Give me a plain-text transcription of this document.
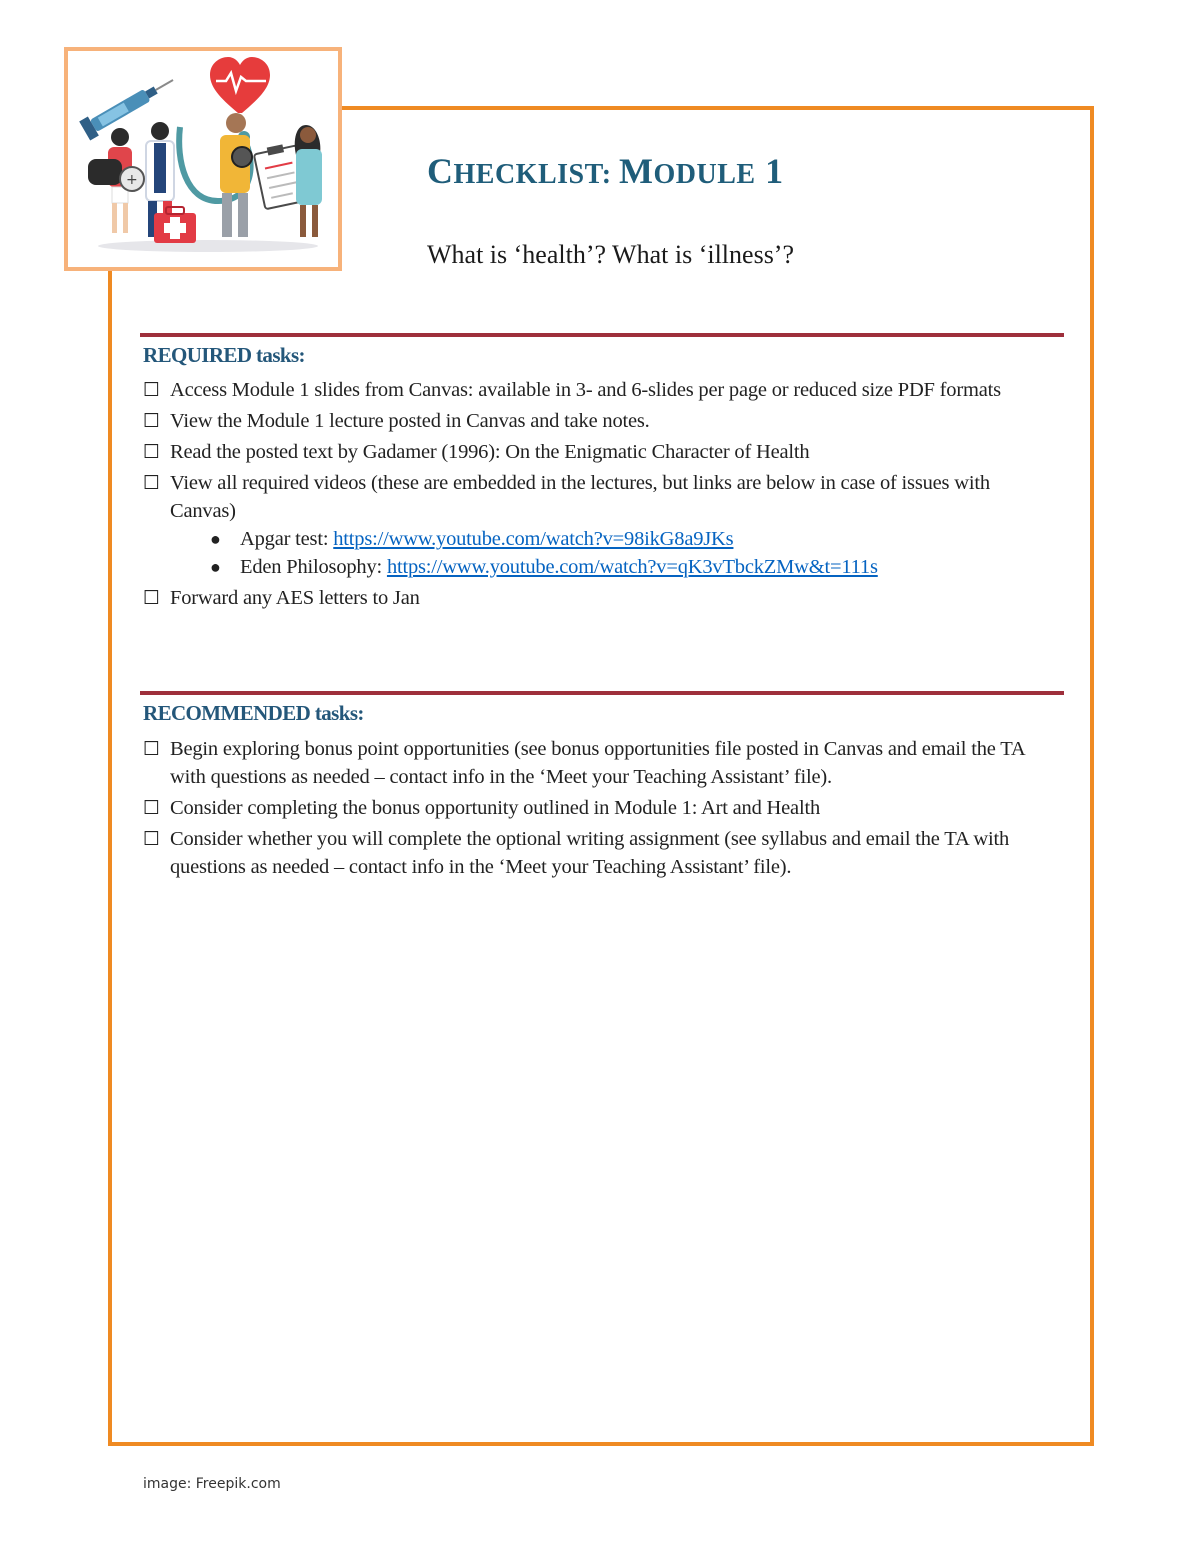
+	CHECKLIST: MODULE 1

What is ‘health’? What is ‘illness’?

REQUIRED tasks:
☐ Access Module 1 slides from Canvas: available in 3- and 6-slides per page or reduced size PDF formats
☐ View the Module 1 lecture posted in Canvas and take notes.
☐ Read the posted text by Gadamer (1996): On the Enigmatic Character of Health
☐ View all required videos (these are embedded in the lectures, but links are below in case of issues with Canvas)
● Apgar test: https://www.youtube.com/watch?v=98ikG8a9JKs
● Eden Philosophy: https://www.youtube.com/watch?v=qK3vTbckZMw&t=111s
☐ Forward any AES letters to Jan
RECOMMENDED tasks:
☐ Begin exploring bonus point opportunities (see bonus opportunities file posted in Canvas and email the TA with questions as needed – contact info in the ‘Meet your Teaching Assistant’ file).
☐ Consider completing the bonus opportunity outlined in Module 1: Art and Health
☐ Consider whether you will complete the optional writing assignment (see syllabus and email the TA with questions as needed – contact info in the ‘Meet your Teaching Assistant’ file).
image: Freepik.com
